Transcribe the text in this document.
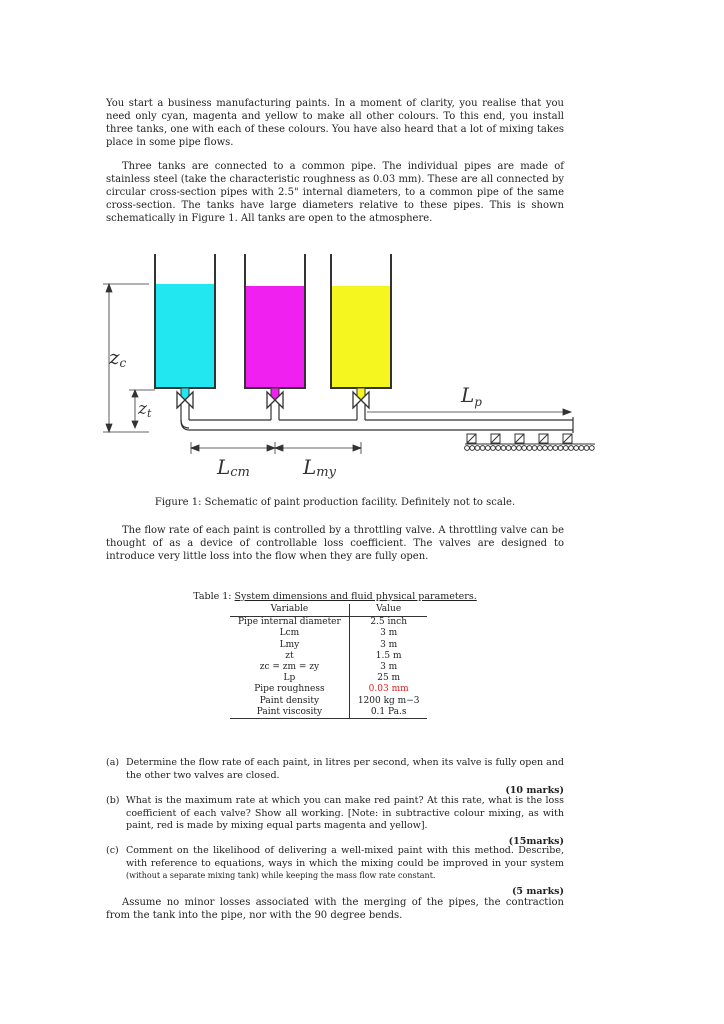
You start a business manufacturing paints. In a moment of clarity, you realise that you need only cyan, magenta and yellow to make all other colours. To this end, you install three tanks, one with each of these colours. You have also heard that a lot of mixing takes place in some pipe flows.

Three tanks are connected to a common pipe. The individual pipes are made of stainless steel (take the characteristic roughness as 0.03 mm). These are all connected by circular cross-section pipes with 2.5" internal diameters, to a common pipe of the same cross-section. The tanks have large diameters relative to these pipes. This is shown schematically in Figure 1. All tanks are open to the atmosphere.

zc
zt
$L_p$
Lcm	Lmy

Figure 1: Schematic of paint production facility. Definitely not to scale.

The flow rate of each paint is controlled by a throttling valve. A throttling valve can be thought of as a device of controllable loss coefficient. The valves are designed to introduce very little loss into the flow when they are fully open.

Table 1: System dimensions and fluid physical parameters.

Variable	Value
Pipe internal diameter	2.5 inch
Lcm	3 m
Lmy	3 m
zt	1.5 m
zc = zm = zy	3 m
Lp	25 m
Pipe roughness	0.03 mm
Paint density	1200 kg m−3
Paint viscosity	0.1 Pa.s
(a) Determine the flow rate of each paint, in litres per second, when its valve is fully open and the other two valves are closed.
(10 marks)
(b) What is the maximum rate at which you can make red paint? At this rate, what is the loss coefficient of each valve? Show all working. [Note: in subtractive colour mixing, as with paint, red is made by mixing equal parts magenta and yellow].
(15marks)
(c) Comment on the likelihood of delivering a well-mixed paint with this method. Describe, with reference to equations, ways in which the mixing could be improved in your system (without a separate mixing tank) while keeping the mass flow rate constant.
(5 marks)

Assume no minor losses associated with the merging of the pipes, the contraction from the tank into the pipe, nor with the 90 degree bends.
